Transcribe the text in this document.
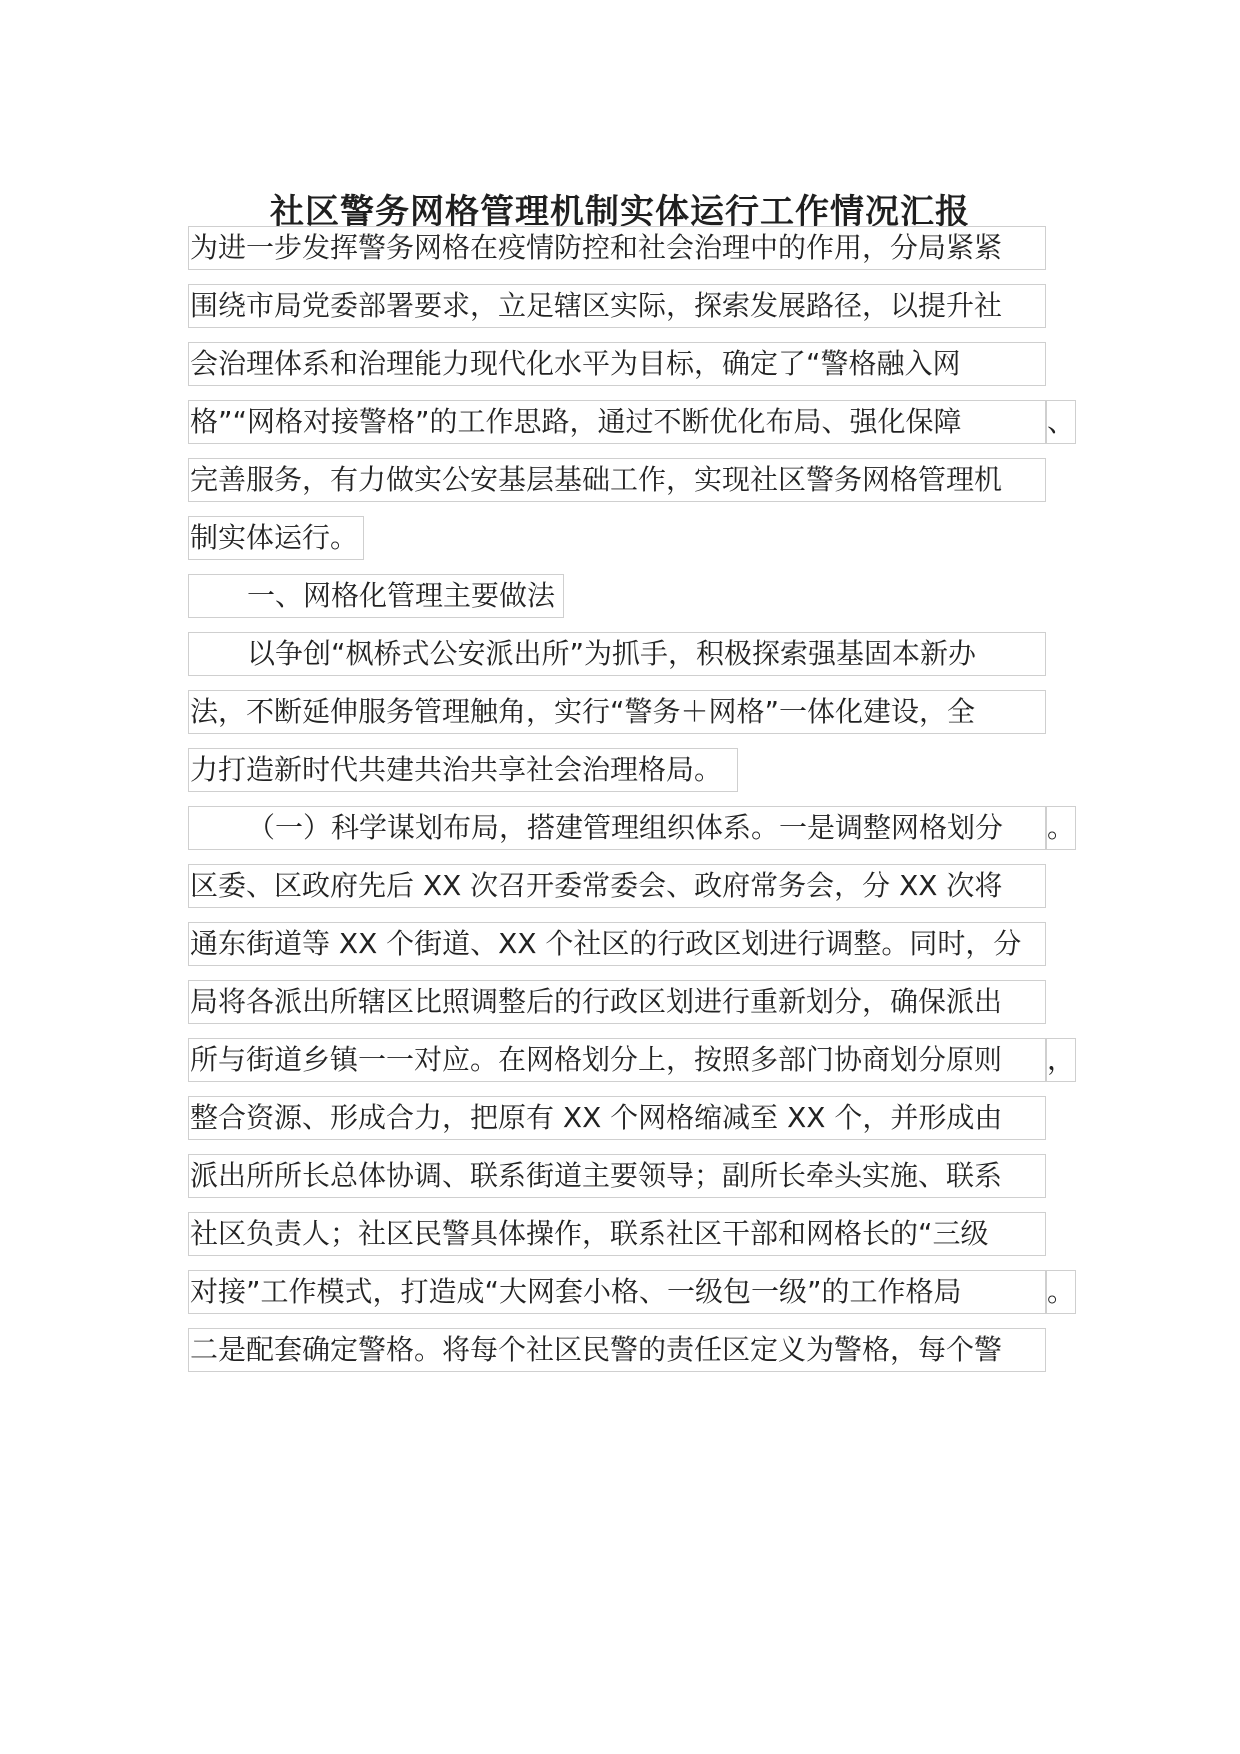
社区警务网格管理机制实体运行工作情况汇报
为进一步发挥警务网格在疫情防控和社会治理中的作用，分局紧紧
围绕市局党委部署要求，立足辖区实际，探索发展路径，以提升社
会治理体系和治理能力现代化水平为目标，确定了“警格融入网
格”“网格对接警格”的工作思路，通过不断优化布局、强化保障	、
完善服务，有力做实公安基层基础工作，实现社区警务网格管理机
制实体运行。
一、网格化管理主要做法
以争创“枫桥式公安派出所”为抓手，积极探索强基固本新办
法，不断延伸服务管理触角，实行“警务＋网格”一体化建设，全
力打造新时代共建共治共享社会治理格局。
（一）科学谋划布局，搭建管理组织体系。一是调整网格划分	。
区委、区政府先后 XX 次召开委常委会、政府常务会，分 XX 次将
通东街道等 XX 个街道、XX 个社区的行政区划进行调整。同时，分
局将各派出所辖区比照调整后的行政区划进行重新划分，确保派出
所与街道乡镇一一对应。在网格划分上，按照多部门协商划分原则	，
整合资源、形成合力，把原有 XX 个网格缩减至 XX 个，并形成由
派出所所长总体协调、联系街道主要领导；副所长牵头实施、联系
社区负责人；社区民警具体操作，联系社区干部和网格长的“三级
对接”工作模式，打造成“大网套小格、一级包一级”的工作格局	。
二是配套确定警格。将每个社区民警的责任区定义为警格，每个警
